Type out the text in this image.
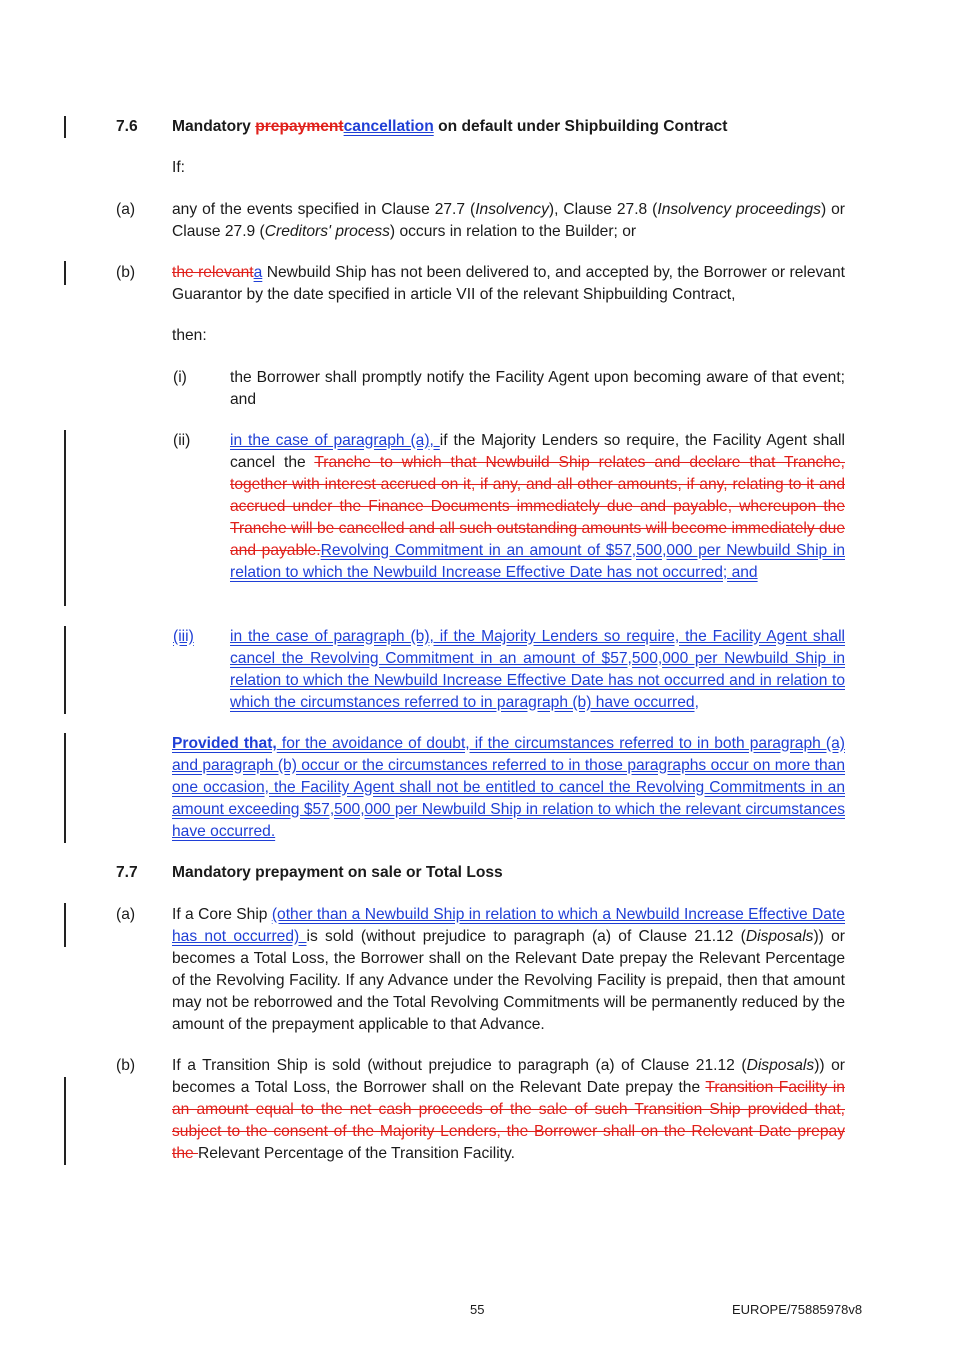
7.6 Mandatory prepaymentcancellation on default under Shipbuilding Contract
If:
(a) any of the events specified in Clause 27.7 (Insolvency), Clause 27.8 (Insolvency proceedings) or Clause 27.9 (Creditors' process) occurs in relation to the Builder; or
(b) the relevanta Newbuild Ship has not been delivered to, and accepted by, the Borrower or relevant Guarantor by the date specified in article VII of the relevant Shipbuilding Contract,
then:
(i)	the Borrower shall promptly notify the Facility Agent upon becoming aware of that event; and
(ii)	in the case of paragraph (a), if the Majority Lenders so require, the Facility Agent shall cancel the Tranche to which that Newbuild Ship relates and declare that Tranche, together with interest accrued on it, if any, and all other amounts, if any, relating to it and accrued under the Finance Documents immediately due and payable, whereupon the Tranche will be cancelled and all such outstanding amounts will become immediately due and payable.Revolving Commitment in an amount of $57,500,000 per Newbuild Ship in relation to which the Newbuild Increase Effective Date has not occurred; and
(iii) in the case of paragraph (b), if the Majority Lenders so require, the Facility Agent shall cancel the Revolving Commitment in an amount of $57,500,000 per Newbuild Ship in relation to which the Newbuild Increase Effective Date has not occurred and in relation to which the circumstances referred to in paragraph (b) have occurred,
Provided that, for the avoidance of doubt, if the circumstances referred to in both paragraph (a) and paragraph (b) occur or the circumstances referred to in those paragraphs occur on more than one occasion, the Facility Agent shall not be entitled to cancel the Revolving Commitments in an amount exceeding $57,500,000 per Newbuild Ship in relation to which the relevant circumstances have occurred.
7.7 Mandatory prepayment on sale or Total Loss
(a) If a Core Ship (other than a Newbuild Ship in relation to which a Newbuild Increase Effective Date has not occurred) is sold (without prejudice to paragraph (a) of Clause 21.12 (Disposals)) or becomes a Total Loss, the Borrower shall on the Relevant Date prepay the Relevant Percentage of the Revolving Facility. If any Advance under the Revolving Facility is prepaid, then that amount may not be reborrowed and the Total Revolving Commitments will be permanently reduced by the amount of the prepayment applicable to that Advance.
(b) If a Transition Ship is sold (without prejudice to paragraph (a) of Clause 21.12 (Disposals)) or becomes a Total Loss, the Borrower shall on the Relevant Date prepay the Transition Facility in an amount equal to the net cash proceeds of the sale of such Transition Ship provided that, subject to the consent of the Majority Lenders, the Borrower shall on the Relevant Date prepay the Relevant Percentage of the Transition Facility.
55	EUROPE/75885978v8
